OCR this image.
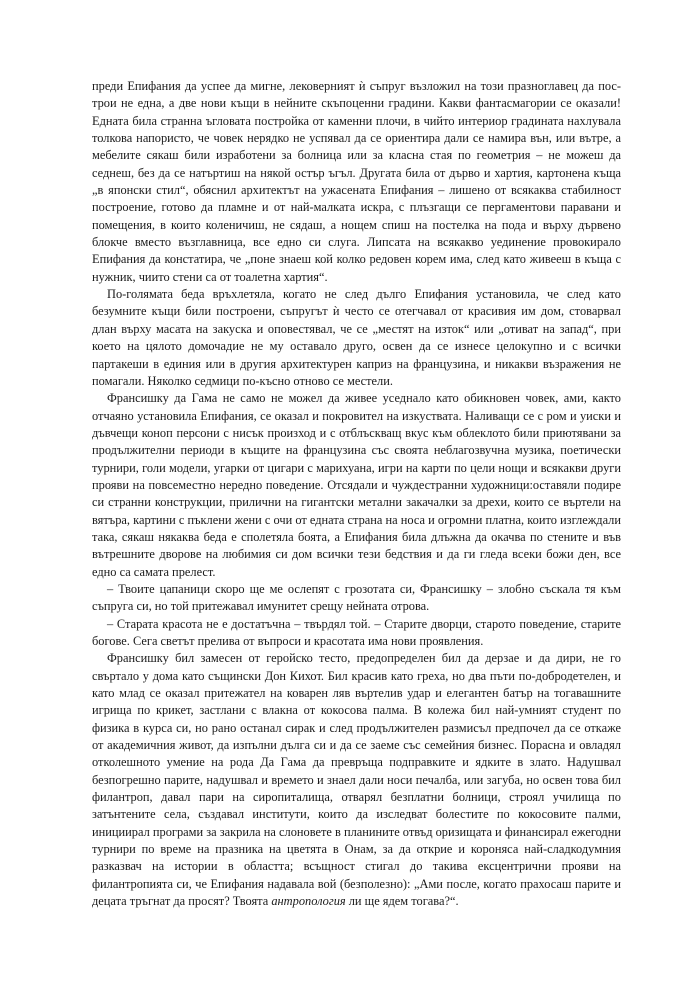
преди Епифания да успее да мигне, лековерният ѝ съпруг възложил на този празноглавец да пос-трои не една, а две нови къщи в нейните скъпоценни градини. Какви фантасмагории се оказали! Едната била странна ъгловата постройка от каменни плочи, в чийто интериор градината нахлувала толкова напористо, че човек нерядко не успявал да се ориентира дали се намира вън, или вътре, а мебелите сякаш били изработени за болница или за класна стая по геометрия – не можеш да седнеш, без да се натъртиш на някой остър ъгъл. Другата била от дърво и хартия, картонена къща „в японски стил“, обяснил архитектът на ужасената Епифания – лишено от всякаква стабилност построение, готово да пламне и от най-малката искра, с плъзгащи се пергаментови паравани и помещения, в които коленичиш, не сядаш, а нощем спиш на постелка на пода и върху дървено блокче вместо възглавница, все едно си слуга. Липсата на всякакво уединение провокирало Епифания да констатира, че „поне знаеш кой колко редовен корем има, след като живееш в къща с нужник, чиито стени са от тоалетна хартия“.

По-голямата беда връхлетяла, когато не след дълго Епифания установила, че след като безумните къщи били построени, съпругът ѝ често се отегчавал от красивия им дом, стоварвал длан върху масата на закуска и оповестявал, че се „местят на изток“ или „отиват на запад“, при което на цялото домочадие не му оставало друго, освен да се изнесе целокупно и с всички партакеши в единия или в другия архитектурен каприз на французина, и никакви възражения не помагали. Няколко седмици по-късно отново се местели.

Франсишку да Гама не само не можел да живее уседнало като обикновен човек, ами, както отчаяно установила Епифания, се оказал и покровител на изкуствата. Наливащи се с ром и уиски и дъвчещи коноп персони с нисък произход и с отблъскващ вкус към облеклото били приютявани за продължителни периоди в къщите на французина със своята неблагозвучна музика, поетически турнири, голи модели, угарки от цигари с марихуана, игри на карти по цели нощи и всякакви други прояви на повсеместно нередно поведение. Отсядали и чуждестранни художници:оставяли подире си странни конструкции, прилични на гигантски метални закачалки за дрехи, които се въртели на вятъра, картини с пъклени жени с очи от едната страна на носа и огромни платна, които изглеждали така, сякаш някаква беда е сполетяла боята, а Епифания била длъжна да окачва по стените и във вътрешните дворове на любимия си дом всички тези бедствия и да ги гледа всеки божи ден, все едно са самата прелест.

– Твоите цапаници скоро ще ме ослепят с грозотата си, Франсишку – злобно съскала тя към съпруга си, но той притежавал имунитет срещу нейната отрова.

– Старата красота не е достатъчна – твърдял той. – Старите дворци, старото поведение, старите богове. Сега светът прелива от въпроси и красотата има нови проявления.

Франсишку бил замесен от геройско тесто, предопределен бил да дерзае и да дири, не го свъртало у дома като същински Дон Кихот. Бил красив като греха, но два пъти по-добродетелен, и като млад се оказал притежател на коварен ляв въртелив удар и елегантен батър на тогавашните игрища по крикет, застлани с влакна от кокосова палма. В колежа бил най-умният студент по физика в курса си, но рано останал сирак и след продължителен размисъл предпочел да се откаже от академичния живот, да изпълни дълга си и да се заеме със семейния бизнес. Порасна и овладял отколешното умение на рода Да Гама да превръща подправките и ядките в злато. Надушвал безпогрешно парите, надушвал и времето и знаел дали носи печалба, или загуба, но освен това бил филантроп, давал пари на сиропиталища, отварял безплатни болници, строял училища по затънтените села, създавал институти, които да изследват болестите по кокосовите палми, инициирал програми за закрила на слоновете в планините отвъд оризищата и финансирал ежегодни турнири по време на празника на цветята в Онам, за да открие и короняса най-сладкодумния разказвач на истории в областта; всъщност стигал до такива ексцентрични прояви на филантропията си, че Епифания надавала вой (безполезно): „Ами после, когато прахосаш парите и децата тръгнат да просят? Твоята антропология ли ще ядем тогава?“.
